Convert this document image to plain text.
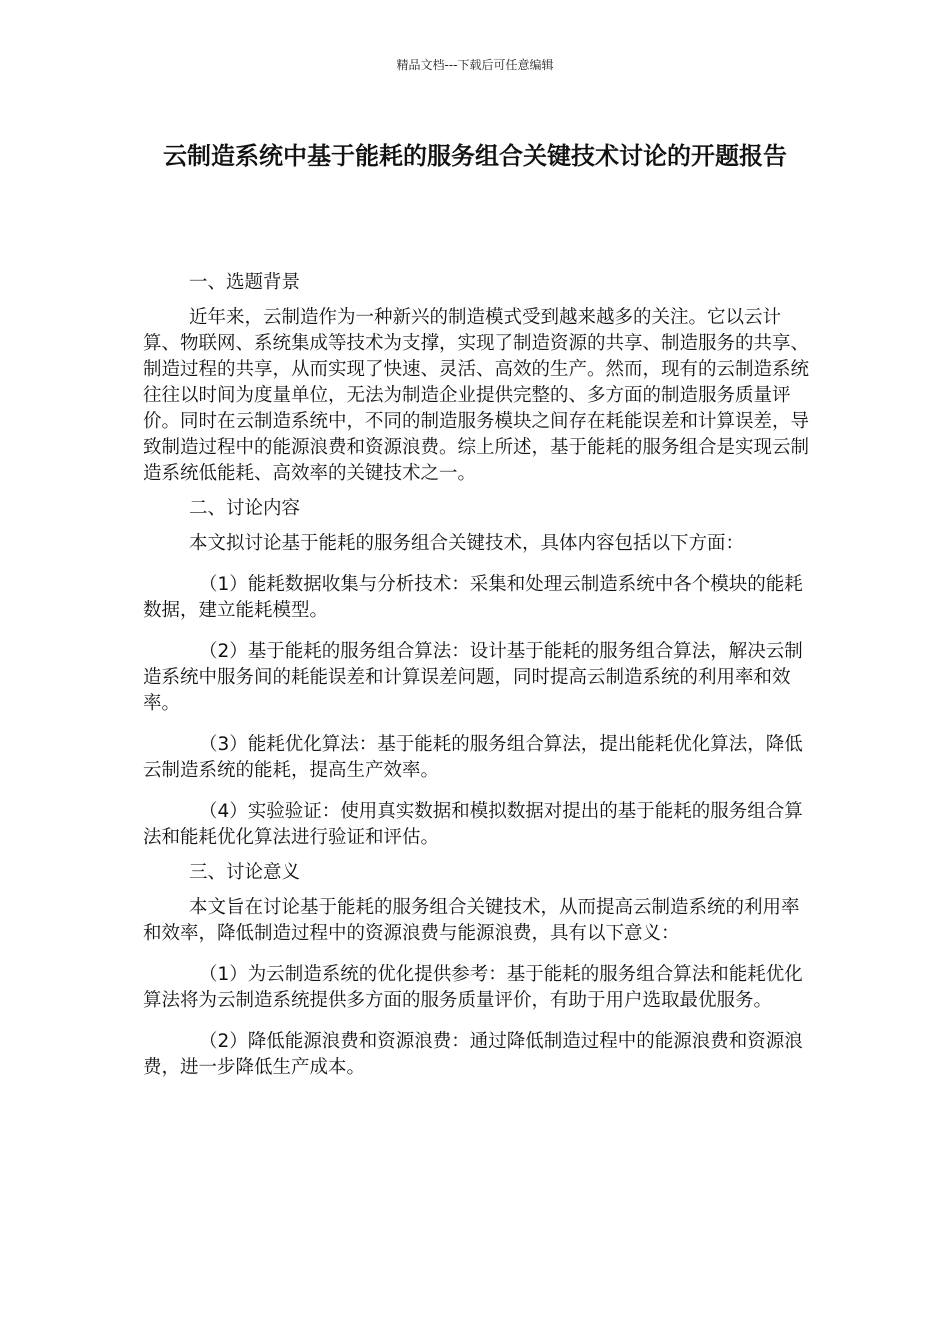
精品文档---下载后可任意编辑
云制造系统中基于能耗的服务组合关键技术讨论的开题报告

一、选题背景

近年来，云制造作为一种新兴的制造模式受到越来越多的关注。它以云计算、物联网、系统集成等技术为支撑，实现了制造资源的共享、制造服务的共享、制造过程的共享，从而实现了快速、灵活、高效的生产。然而，现有的云制造系统往往以时间为度量单位，无法为制造企业提供完整的、多方面的制造服务质量评价。同时在云制造系统中，不同的制造服务模块之间存在耗能误差和计算误差，导致制造过程中的能源浪费和资源浪费。综上所述，基于能耗的服务组合是实现云制造系统低能耗、高效率的关键技术之一。

二、讨论内容

本文拟讨论基于能耗的服务组合关键技术，具体内容包括以下方面：

（1）能耗数据收集与分析技术：采集和处理云制造系统中各个模块的能耗数据，建立能耗模型。

（2）基于能耗的服务组合算法：设计基于能耗的服务组合算法，解决云制造系统中服务间的耗能误差和计算误差问题，同时提高云制造系统的利用率和效率。

（3）能耗优化算法：基于能耗的服务组合算法，提出能耗优化算法，降低云制造系统的能耗，提高生产效率。

（4）实验验证：使用真实数据和模拟数据对提出的基于能耗的服务组合算法和能耗优化算法进行验证和评估。

三、讨论意义

本文旨在讨论基于能耗的服务组合关键技术，从而提高云制造系统的利用率和效率，降低制造过程中的资源浪费与能源浪费，具有以下意义：

（1）为云制造系统的优化提供参考：基于能耗的服务组合算法和能耗优化算法将为云制造系统提供多方面的服务质量评价，有助于用户选取最优服务。

（2）降低能源浪费和资源浪费：通过降低制造过程中的能源浪费和资源浪费，进一步降低生产成本。
